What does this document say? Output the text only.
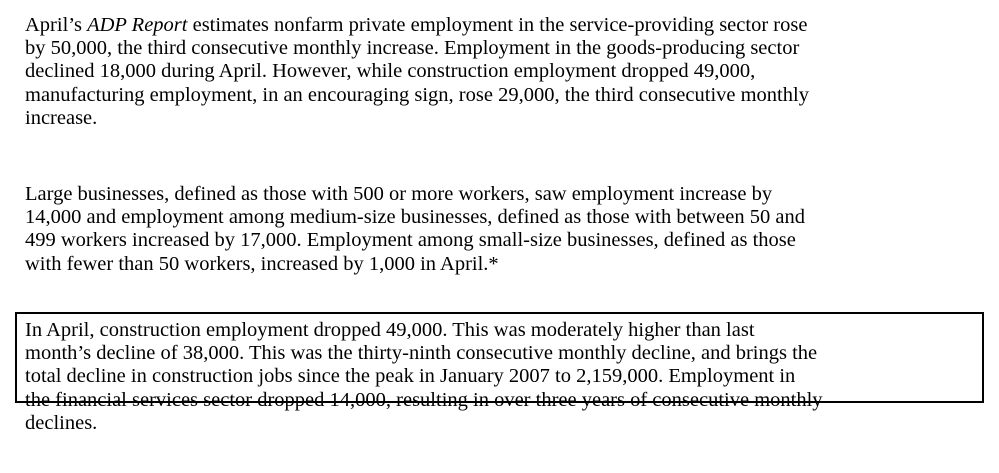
April’s ADP Report estimates nonfarm private employment in the service-providing sector rose
by 50,000, the third consecutive monthly increase. Employment in the goods-producing sector
declined 18,000 during April. However, while construction employment dropped 49,000,
manufacturing employment, in an encouraging sign, rose 29,000, the third consecutive monthly
increase.
Large businesses, defined as those with 500 or more workers, saw employment increase by
14,000 and employment among medium-size businesses, defined as those with between 50 and
499 workers increased by 17,000. Employment among small-size businesses, defined as those
with fewer than 50 workers, increased by 1,000 in April.*
In April, construction employment dropped 49,000. This was moderately higher than last
month’s decline of 38,000. This was the thirty-ninth consecutive monthly decline, and brings the
total decline in construction jobs since the peak in January 2007 to 2,159,000. Employment in
the financial services sector dropped 14,000, resulting in over three years of consecutive monthly
declines.
